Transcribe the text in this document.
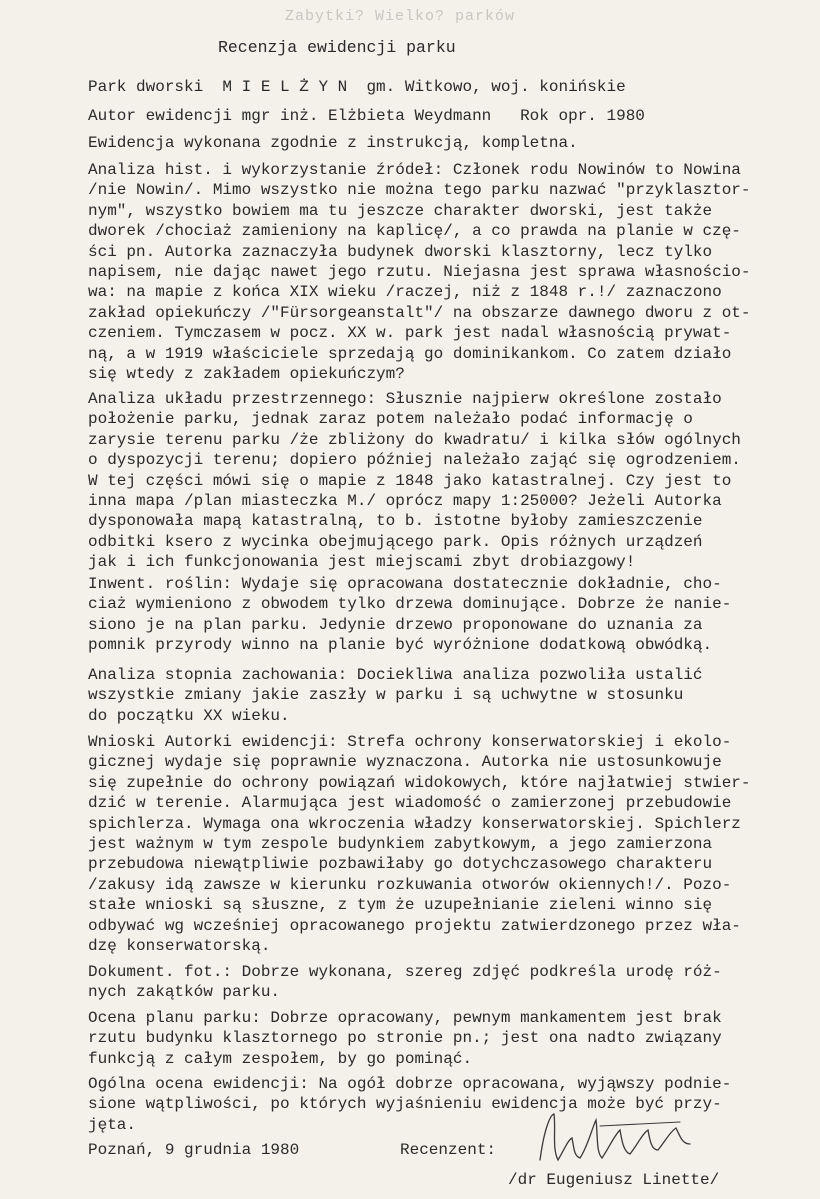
Zabytki? Wielko? parków
Recenzja ewidencji parku
Park dworski  M I E L Ż Y N  gm. Witkowo, woj. konińskie
Autor ewidencji mgr inż. Elżbieta Weydmann   Rok opr. 1980
Ewidencja wykonana zgodnie z instrukcją, kompletna.
Analiza hist. i wykorzystanie źródeł: Członek rodu Nowinów to Nowina
/nie Nowin/. Mimo wszystko nie można tego parku nazwać "przyklasztor-
nym", wszystko bowiem ma tu jeszcze charakter dworski, jest także
dworek /chociaż zamieniony na kaplicę/, a co prawda na planie w czę-
ści pn. Autorka zaznaczyła budynek dworski klasztorny, lecz tylko
napisem, nie dając nawet jego rzutu. Niejasna jest sprawa własnościo-
wa: na mapie z końca XIX wieku /raczej, niż z 1848 r.!/ zaznaczono
zakład opiekuńczy /"Fürsorgeanstalt"/ na obszarze dawnego dworu z ot-
czeniem. Tymczasem w pocz. XX w. park jest nadal własnością prywat-
ną, a w 1919 właściciele sprzedają go dominikankom. Co zatem działo
się wtedy z zakładem opiekuńczym?
Analiza układu przestrzennego: Słusznie najpierw określone zostało
położenie parku, jednak zaraz potem należało podać informację o
zarysie terenu parku /że zbliżony do kwadratu/ i kilka słów ogólnych
o dyspozycji terenu; dopiero później należało zająć się ogrodzeniem.
W tej części mówi się o mapie z 1848 jako katastralnej. Czy jest to
inna mapa /plan miasteczka M./ oprócz mapy 1:25000? Jeżeli Autorka
dysponowała mapą katastralną, to b. istotne byłoby zamieszczenie
odbitki ksero z wycinka obejmującego park. Opis różnych urządzeń
jak i ich funkcjonowania jest miejscami zbyt drobiazgowy!
Inwent. roślin: Wydaje się opracowana dostatecznie dokładnie, cho-
ciaż wymieniono z obwodem tylko drzewa dominujące. Dobrze że nanie-
siono je na plan parku. Jedynie drzewo proponowane do uznania za
pomnik przyrody winno na planie być wyróżnione dodatkową obwódką.
Analiza stopnia zachowania: Dociekliwa analiza pozwoliła ustalić
wszystkie zmiany jakie zaszły w parku i są uchwytne w stosunku
do początku XX wieku.
Wnioski Autorki ewidencji: Strefa ochrony konserwatorskiej i ekolo-
gicznej wydaje się poprawnie wyznaczona. Autorka nie ustosunkowuje
się zupełnie do ochrony powiązań widokowych, które najłatwiej stwier-
dzić w terenie. Alarmująca jest wiadomość o zamierzonej przebudowie
spichlerza. Wymaga ona wkroczenia władzy konserwatorskiej. Spichlerz
jest ważnym w tym zespole budynkiem zabytkowym, a jego zamierzona
przebudowa niewątpliwie pozbawiłaby go dotychczasowego charakteru
/zakusy idą zawsze w kierunku rozkuwania otworów okiennych!/. Pozo-
stałe wnioski są słuszne, z tym że uzupełnianie zieleni winno się
odbywać wg wcześniej opracowanego projektu zatwierdzonego przez wła-
dzę konserwatorską.
Dokument. fot.: Dobrze wykonana, szereg zdjęć podkreśla urodę róż-
nych zakątków parku.
Ocena planu parku: Dobrze opracowany, pewnym mankamentem jest brak
rzutu budynku klasztornego po stronie pn.; jest ona nadto związany
funkcją z całym zespołem, by go pominąć.
Ogólna ocena ewidencji: Na ogół dobrze opracowana, wyjąwszy podnie-
sione wątpliwości, po których wyjaśnieniu ewidencja może być przy-
jęta.
Poznań, 9 grudnia 1980	Recenzent:
/dr Eugeniusz Linette/
